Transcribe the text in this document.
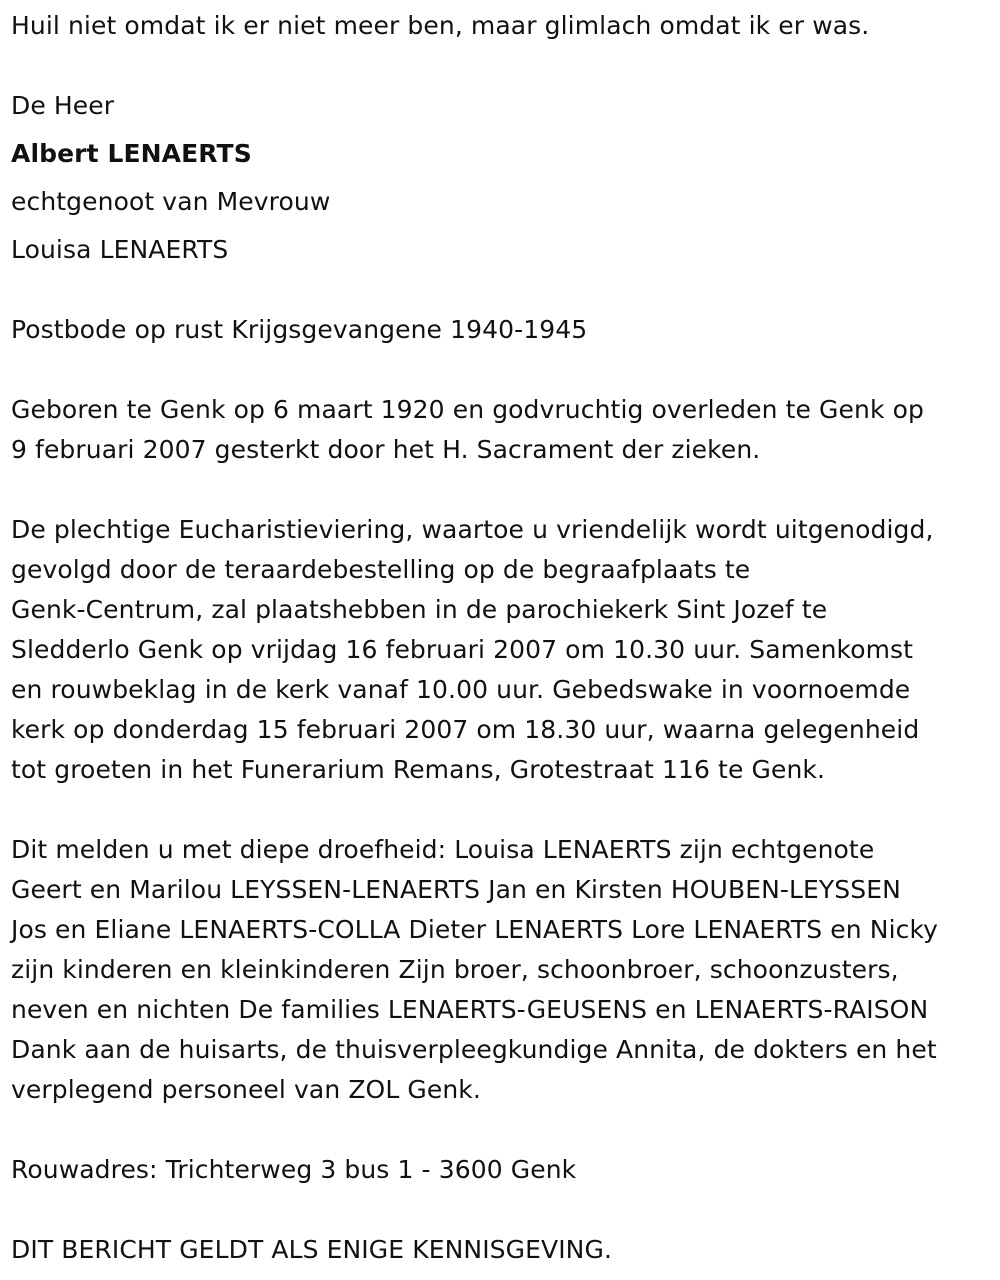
Huil niet omdat ik er niet meer ben, maar glimlach omdat ik er was.
De Heer
Albert LENAERTS
echtgenoot van Mevrouw
Louisa LENAERTS
Postbode op rust Krijgsgevangene 1940-1945
Geboren te Genk op 6 maart 1920 en godvruchtig overleden te Genk op
9 februari 2007 gesterkt door het H. Sacrament der zieken.
De plechtige Eucharistieviering, waartoe u vriendelijk wordt uitgenodigd,
gevolgd door de teraardebestelling op de begraafplaats te
Genk-Centrum, zal plaatshebben in de parochiekerk Sint Jozef te
Sledderlo Genk op vrijdag 16 februari 2007 om 10.30 uur. Samenkomst
en rouwbeklag in de kerk vanaf 10.00 uur. Gebedswake in voornoemde
kerk op donderdag 15 februari 2007 om 18.30 uur, waarna gelegenheid
tot groeten in het Funerarium Remans, Grotestraat 116 te Genk.
Dit melden u met diepe droefheid: Louisa LENAERTS zijn echtgenote
Geert en Marilou LEYSSEN-LENAERTS Jan en Kirsten HOUBEN-LEYSSEN
Jos en Eliane LENAERTS-COLLA Dieter LENAERTS Lore LENAERTS en Nicky
zijn kinderen en kleinkinderen Zijn broer, schoonbroer, schoonzusters,
neven en nichten De families LENAERTS-GEUSENS en LENAERTS-RAISON
Dank aan de huisarts, de thuisverpleegkundige Annita, de dokters en het
verplegend personeel van ZOL Genk.
Rouwadres: Trichterweg 3 bus 1 - 3600 Genk
DIT BERICHT GELDT ALS ENIGE KENNISGEVING.
